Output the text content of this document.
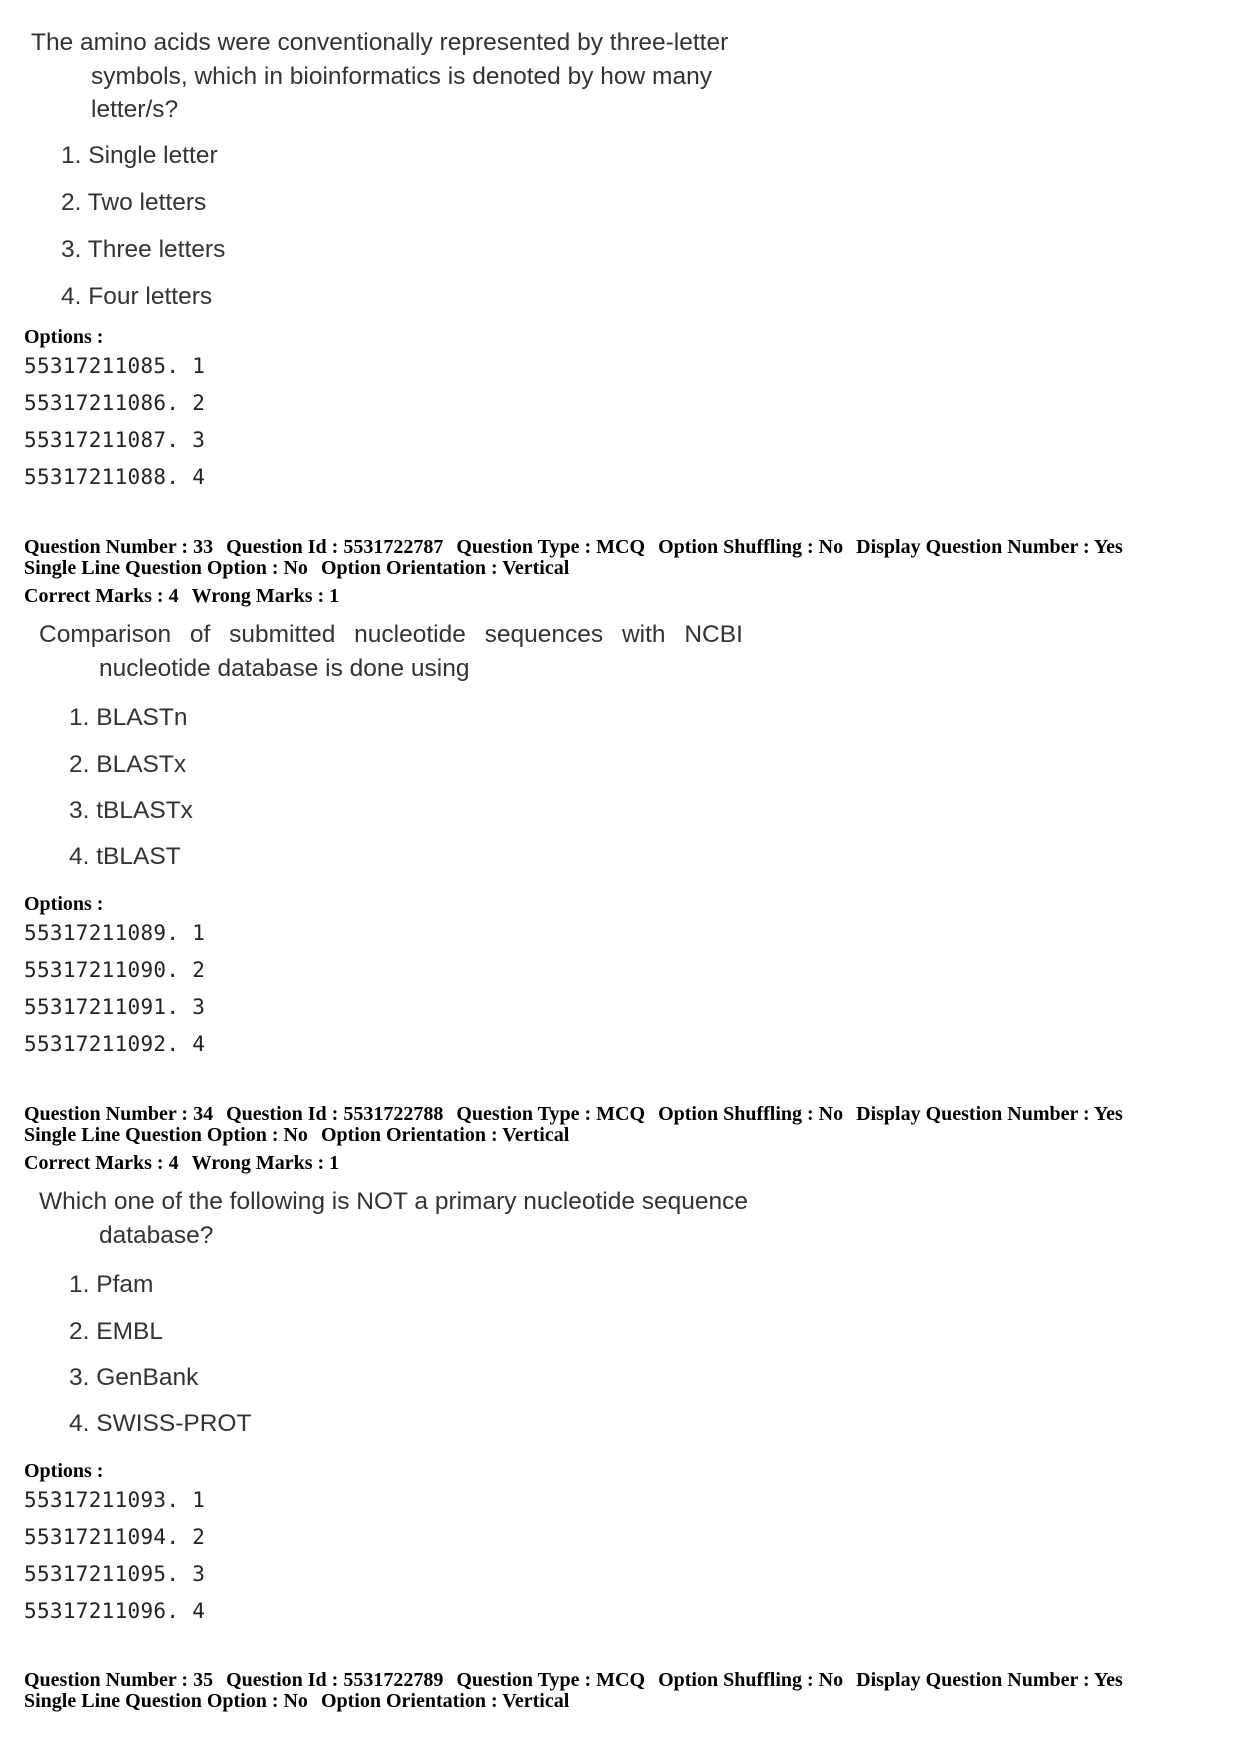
The amino acids were conventionally represented by three-letter
symbols, which in bioinformatics is denoted by how many
letter/s?
1. Single letter
2. Two letters
3. Three letters
4. Four letters
Options :
55317211085. 1
55317211086. 2
55317211087. 3
55317211088. 4
Question Number : 33 Question Id : 5531722787 Question Type : MCQ Option Shuffling : No Display Question Number : Yes
Single Line Question Option : No Option Orientation : Vertical
Correct Marks : 4 Wrong Marks : 1
Comparison of submitted nucleotide sequences with NCBI
nucleotide database is done using
1. BLASTn
2. BLASTx
3. tBLASTx
4. tBLAST
Options :
55317211089. 1
55317211090. 2
55317211091. 3
55317211092. 4
Question Number : 34 Question Id : 5531722788 Question Type : MCQ Option Shuffling : No Display Question Number : Yes
Single Line Question Option : No Option Orientation : Vertical
Correct Marks : 4 Wrong Marks : 1
Which one of the following is NOT a primary nucleotide sequence
database?
1. Pfam
2. EMBL
3. GenBank
4. SWISS-PROT
Options :
55317211093. 1
55317211094. 2
55317211095. 3
55317211096. 4
Question Number : 35 Question Id : 5531722789 Question Type : MCQ Option Shuffling : No Display Question Number : Yes
Single Line Question Option : No Option Orientation : Vertical
